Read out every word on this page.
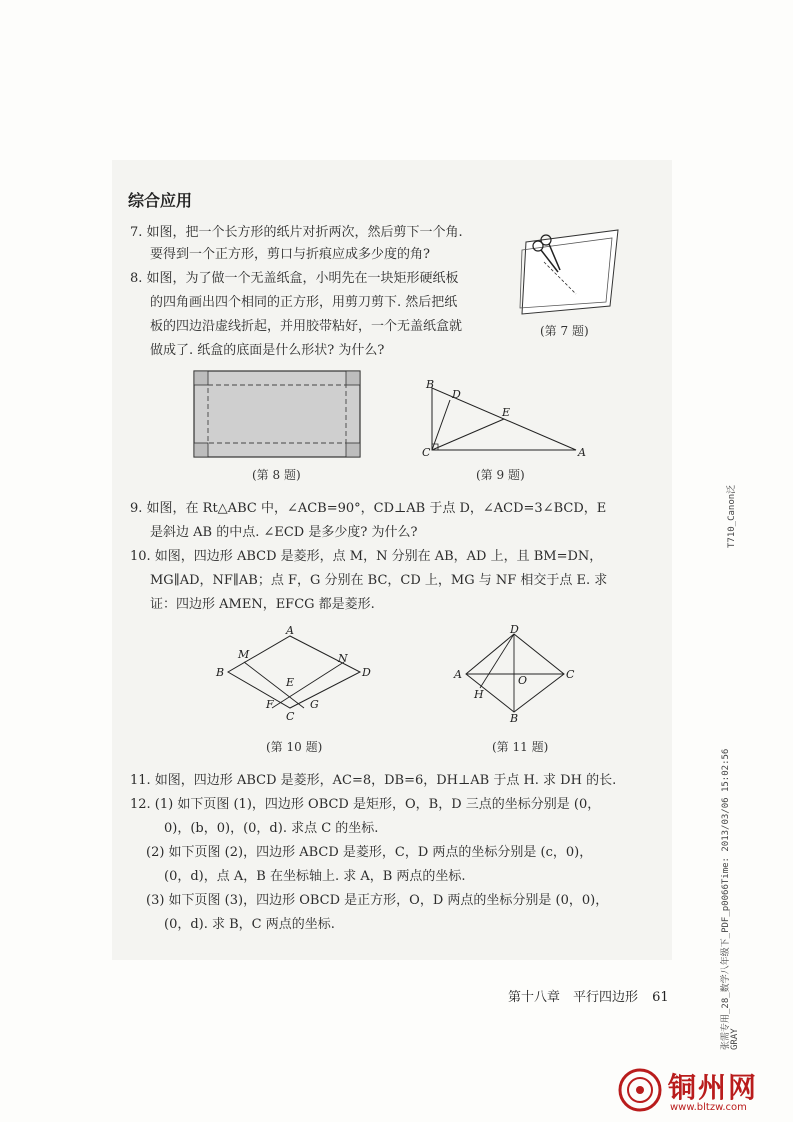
综合应用
7. 如图，把一个长方形的纸片对折两次，然后剪下一个角.
要得到一个正方形，剪口与折痕应成多少度的角?
8. 如图，为了做一个无盖纸盒，小明先在一块矩形硬纸板
的四角画出四个相同的正方形，用剪刀剪下. 然后把纸
板的四边沿虚线折起，并用胶带粘好，一个无盖纸盒就
做成了. 纸盒的底面是什么形状? 为什么?
(第 7 题)
(第 8 题)
B
D
E
C	A
(第 9 题)
9. 如图，在 Rt△ABC 中，∠ACB=90°，CD⊥AB 于点 D，∠ACD=3∠BCD，E
是斜边 AB 的中点. ∠ECD 是多少度? 为什么?
10. 如图，四边形 ABCD 是菱形，点 M，N 分别在 AB，AD 上，且 BM=DN，
MG∥AD，NF∥AB；点 F，G 分别在 BC，CD 上，MG 与 NF 相交于点 E. 求
证：四边形 AMEN，EFCG 都是菱形.
A
M	N
B	D
E
F	G
C
(第 10 题)
D
A	O	C
H
B
(第 11 题)
11. 如图，四边形 ABCD 是菱形，AC=8，DB=6，DH⊥AB 于点 H. 求 DH 的长.
12. (1) 如下页图 (1)，四边形 OBCD 是矩形，O，B，D 三点的坐标分别是 (0，
0)，(b，0)，(0，d). 求点 C 的坐标.
(2) 如下页图 (2)，四边形 ABCD 是菱形，C，D 两点的坐标分别是 (c，0)，
(0，d)，点 A，B 在坐标轴上. 求 A，B 两点的坐标.
(3) 如下页图 (3)，四边形 OBCD 是正方形，O，D 两点的坐标分别是 (0，0)，
(0，d). 求 B，C 两点的坐标.
第十八章　平行四边形 61
T710_Canon泛
张需专用_28_数学八年级下_PDF_p0066Time: 2013/03/06 15:02:56 GRAY
铜州网
www.bltzw.com
